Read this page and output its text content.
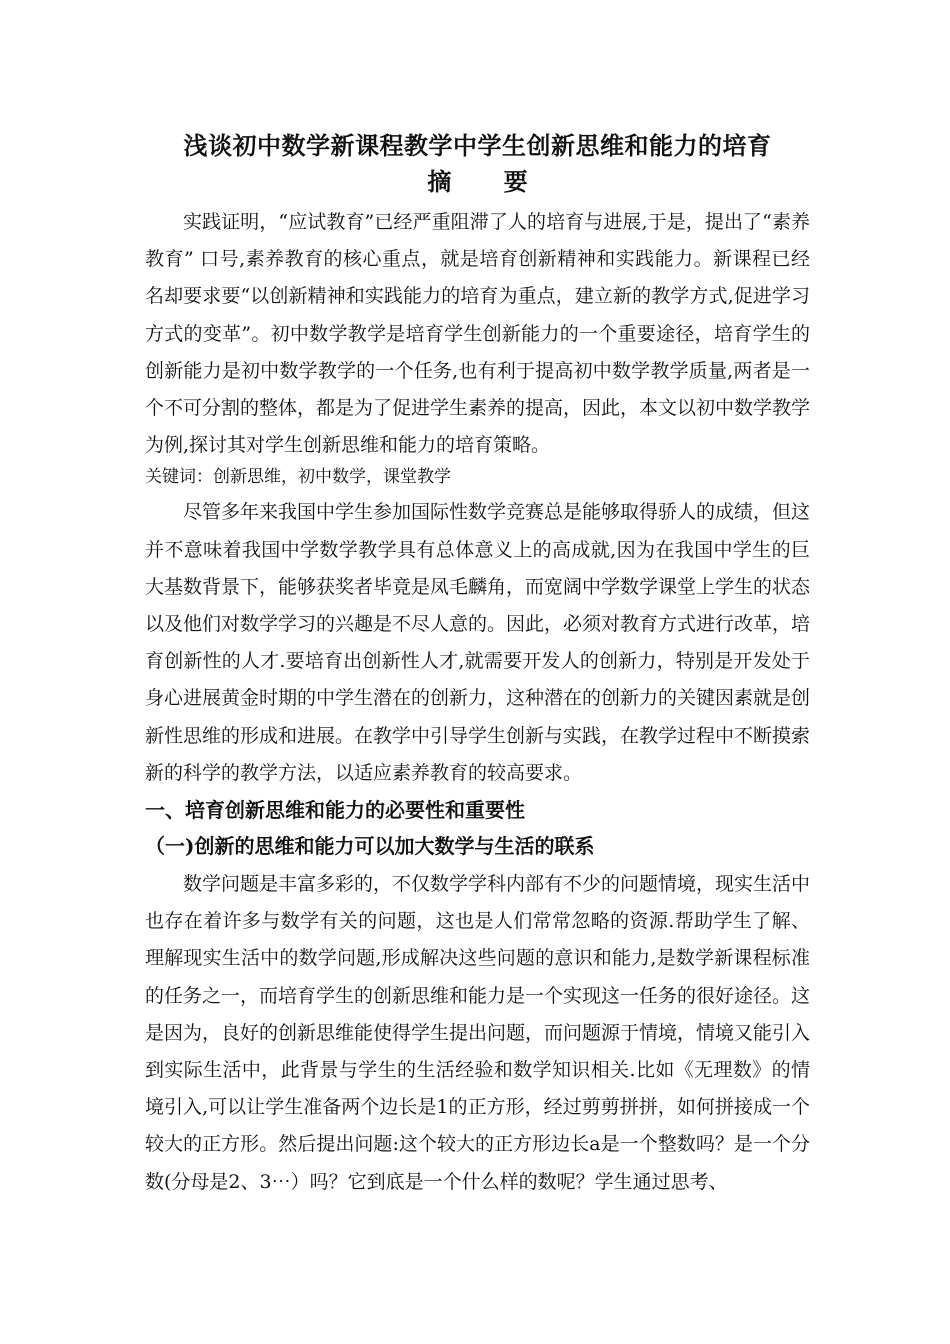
浅谈初中数学新课程教学中学生创新思维和能力的培育
摘 要

实践证明，“应试教育”已经严重阻滞了人的培育与进展,于是，提出了“素养教育” 口号,素养教育的核心重点，就是培育创新精神和实践能力。新课程已经名却要求要“以创新精神和实践能力的培育为重点，建立新的教学方式,促进学习方式的变革”。初中数学教学是培育学生创新能力的一个重要途径，培育学生的创新能力是初中数学教学的一个任务,也有利于提高初中数学教学质量,两者是一个不可分割的整体，都是为了促进学生素养的提高，因此，本文以初中数学教学为例,探讨其对学生创新思维和能力的培育策略。

关键词：创新思维，初中数学，课堂教学

尽管多年来我国中学生参加国际性数学竞赛总是能够取得骄人的成绩，但这并不意味着我国中学数学教学具有总体意义上的高成就,因为在我国中学生的巨大基数背景下，能够获奖者毕竟是凤毛麟角，而宽阔中学数学课堂上学生的状态以及他们对数学学习的兴趣是不尽人意的。因此，必须对教育方式进行改革，培育创新性的人才.要培育出创新性人才,就需要开发人的创新力，特别是开发处于身心进展黄金时期的中学生潜在的创新力，这种潜在的创新力的关键因素就是创新性思维的形成和进展。在教学中引导学生创新与实践，在教学过程中不断摸索新的科学的教学方法，以适应素养教育的较高要求。

一、培育创新思维和能力的必要性和重要性
（一)创新的思维和能力可以加大数学与生活的联系

数学问题是丰富多彩的，不仅数学学科内部有不少的问题情境，现实生活中也存在着许多与数学有关的问题，这也是人们常常忽略的资源.帮助学生了解、理解现实生活中的数学问题,形成解决这些问题的意识和能力,是数学新课程标准的任务之一，而培育学生的创新思维和能力是一个实现这一任务的很好途径。这是因为，良好的创新思维能使得学生提出问题，而问题源于情境，情境又能引入到实际生活中，此背景与学生的生活经验和数学知识相关.比如《无理数》的情境引入,可以让学生准备两个边长是1的正方形，经过剪剪拼拼，如何拼接成一个较大的正方形。然后提出问题:这个较大的正方形边长a是一个整数吗？是一个分数(分母是2、3⋯）吗？它到底是一个什么样的数呢？学生通过思考、
